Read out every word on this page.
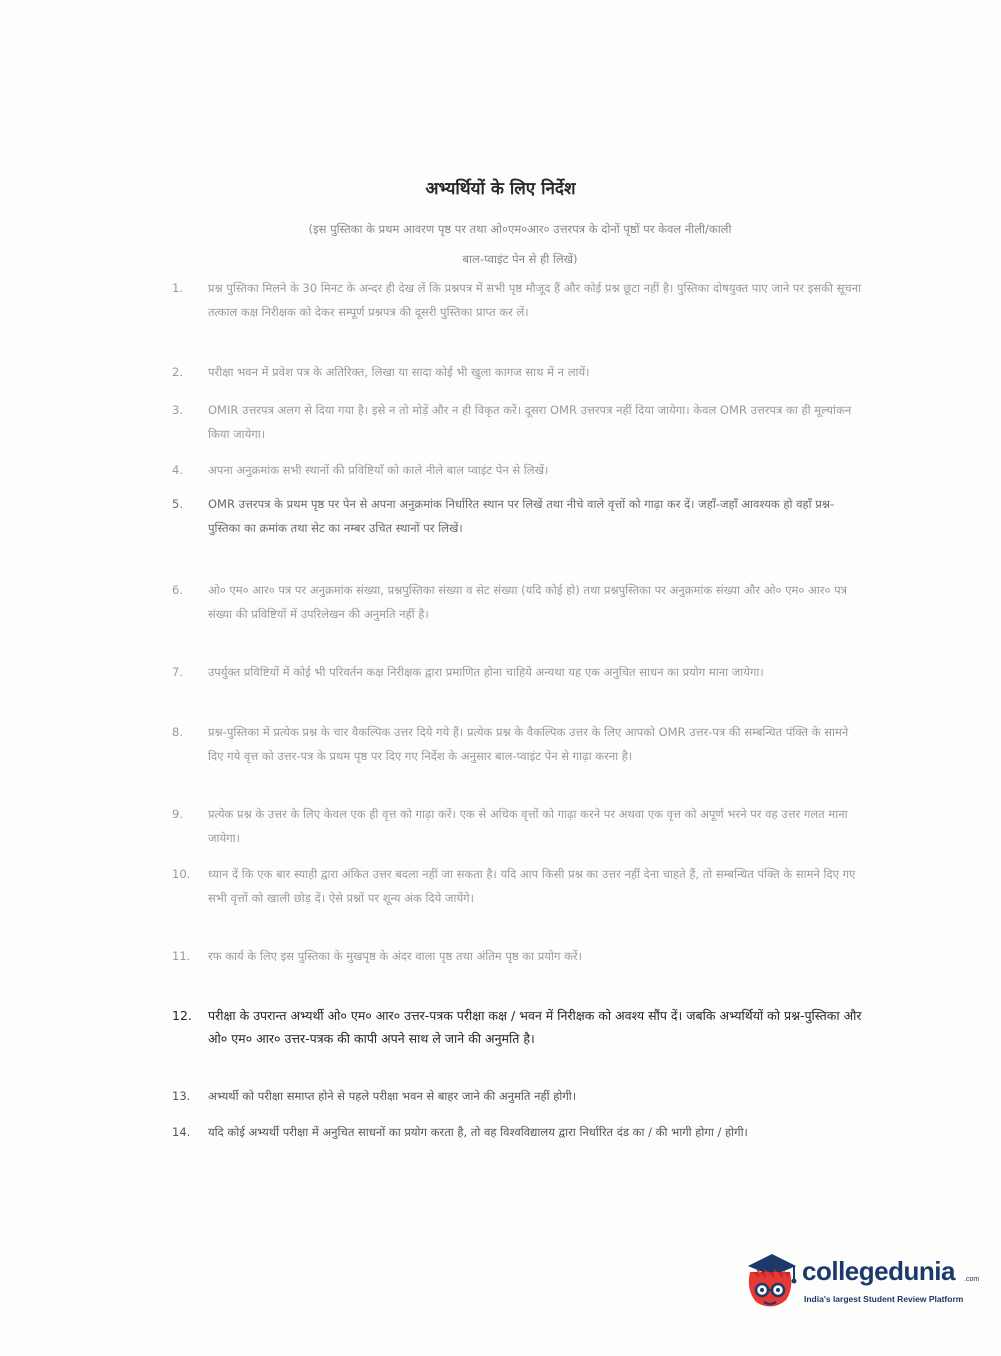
अभ्यर्थियों के लिए निर्देश
(इस पुस्तिका के प्रथम आवरण पृष्ठ पर तथा ओ०एम०आर० उत्तरपत्र के दोनों पृष्ठों पर केवल नीली/काली
बाल-प्वाइंट पेन से ही लिखें)
1.	प्रश्न पुस्तिका मिलने के 30 मिनट के अन्दर ही देख लें कि प्रश्नपत्र में सभी पृष्ठ मौजूद हैं और कोई प्रश्न छूटा नहीं है। पुस्तिका दोषयुक्त पाए जाने पर इसकी सूचना तत्काल कक्ष निरीक्षक को देकर सम्पूर्ण प्रश्नपत्र की दूसरी पुस्तिका प्राप्त कर लें।
2.	परीक्षा भवन में प्रवेश पत्र के अतिरिक्त, लिखा या सादा कोई भी खुला कागज साथ में न लायें।
3.	OMIR उत्तरपत्र अलग से दिया गया है। इसे न तो मोड़ें और न ही विकृत करें। दूसरा OMR उत्तरपत्र नहीं दिया जायेगा। केवल OMR उत्तरपत्र का ही मूल्यांकन किया जायेगा।
4.	अपना अनुक्रमांक सभी स्थानों की प्रविष्टियाँ को काले नीले बाल प्वाइंट पेन से लिखें।
5.	OMR उत्तरपत्र के प्रथम पृष्ठ पर पेन से अपना अनुक्रमांक निर्धारित स्थान पर लिखें तथा नीचे वाले वृत्तों को गाढ़ा कर दें। जहाँ-जहाँ आवश्यक हो वहाँ प्रश्न-पुस्तिका का क्रमांक तथा सेट का नम्बर उचित स्थानों पर लिखें।
6.	ओ० एम० आर० पत्र पर अनुक्रमांक संख्या, प्रश्नपुस्तिका संख्या व सेट संख्या (यदि कोई हो) तथा प्रश्नपुस्तिका पर अनुक्रमांक संख्या और ओ० एम० आर० पत्र संख्या की प्रविष्टियों में उपरिलेखन की अनुमति नहीं है।
7.	उपर्युक्त प्रविष्टियों में कोई भी परिवर्तन कक्ष निरीक्षक द्वारा प्रमाणित होना चाहिये अन्यथा यह एक अनुचित साधन का प्रयोग माना जायेगा।
8.	प्रश्न-पुस्तिका में प्रत्येक प्रश्न के चार वैकल्पिक उत्तर दिये गये हैं। प्रत्येक प्रश्न के वैकल्पिक उत्तर के लिए आपको OMR उत्तर-पत्र की सम्बन्धित पंक्ति के सामने दिए गये वृत्त को उत्तर-पत्र के प्रथम पृष्ठ पर दिए गए निर्देश के अनुसार बाल-प्वाइंट पेन से गाढ़ा करना है।
9.	प्रत्येक प्रश्न के उत्तर के लिए केवल एक ही वृत्त को गाढ़ा करें। एक से अधिक वृत्तों को गाढ़ा करने पर अथवा एक वृत्त को अपूर्ण भरने पर वह उत्तर गलत माना जायेगा।
10.	ध्यान दें कि एक बार स्याही द्वारा अंकित उत्तर बदला नहीं जा सकता है। यदि आप किसी प्रश्न का उत्तर नहीं देना चाहते हैं, तो सम्बन्धित पंक्ति के सामने दिए गए सभी वृत्तों को खाली छोड़ दें। ऐसे प्रश्नों पर शून्य अंक दिये जायेंगे।
11.	रफ कार्य के लिए इस पुस्तिका के मुखपृष्ठ के अंदर वाला पृष्ठ तथा अंतिम पृष्ठ का प्रयोग करें।
12.	परीक्षा के उपरान्त अभ्यर्थी ओ० एम० आर० उत्तर-पत्रक परीक्षा कक्ष / भवन में निरीक्षक को अवश्य सौंप दें। जबकि अभ्यर्थियों को प्रश्न-पुस्तिका और ओ० एम० आर० उत्तर-पत्रक की कापी अपने साथ ले जाने की अनुमति है।
13.	अभ्यर्थी को परीक्षा समाप्त होने से पहले परीक्षा भवन से बाहर जाने की अनुमति नहीं होगी।
14.	यदि कोई अभ्यर्थी परीक्षा में अनुचित साधनों का प्रयोग करता है, तो वह विश्वविद्यालय द्वारा निर्धारित दंड का / की भागी होगा / होगी।
collegedunia .com
India's largest Student Review Platform
